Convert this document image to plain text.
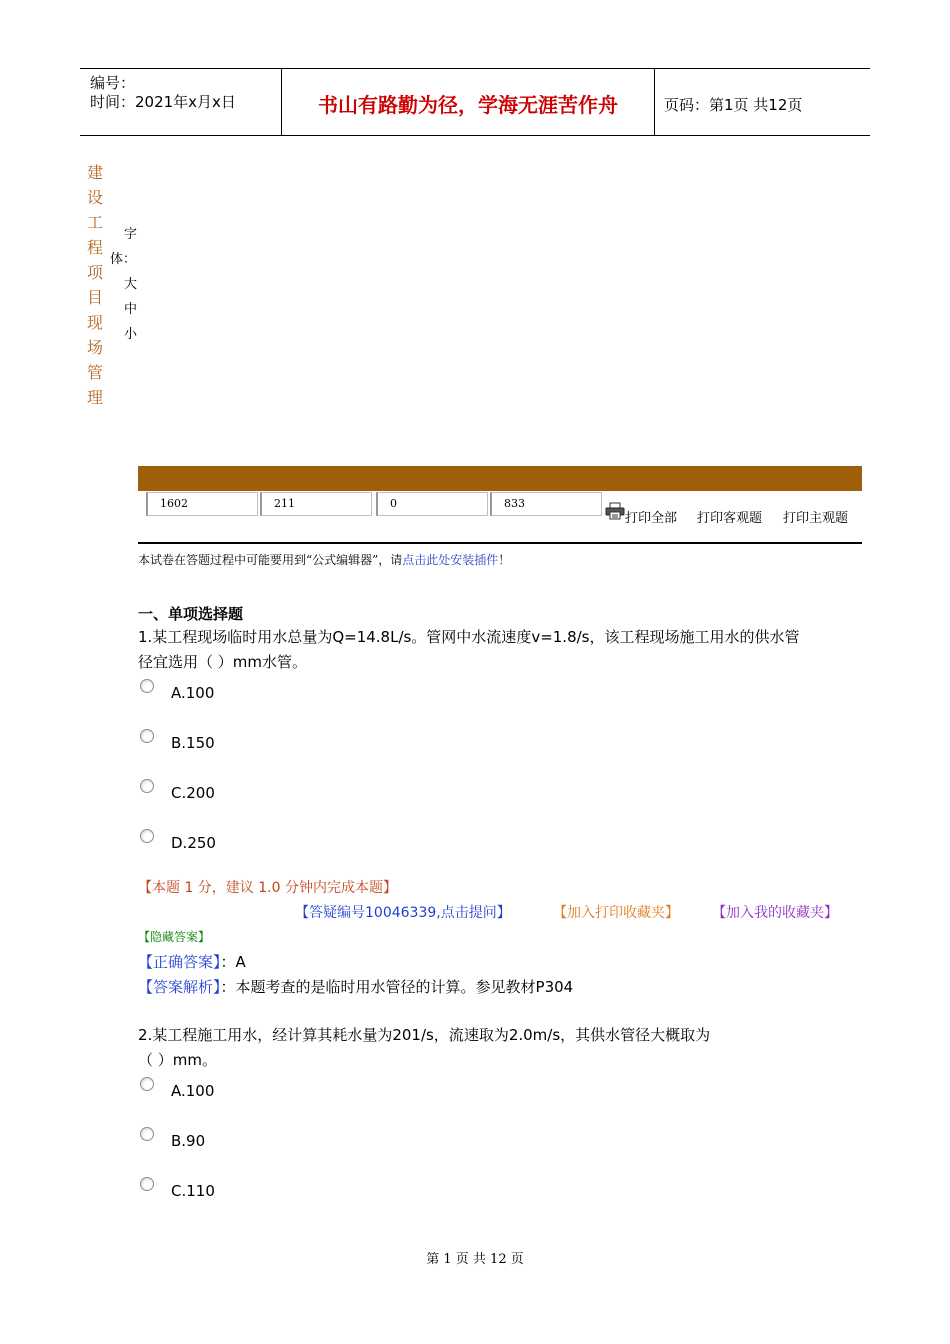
编号：
时间：2021年x月x日	书山有路勤为径，学海无涯苦作舟	页码：第1页 共12页
建
设
工
程
项
目
现
场
管
理
字
体：
大
中
小
1602	211	0	833
打印全部 打印客观题 打印主观题
本试卷在答题过程中可能要用到“公式编辑器”，请点击此处安装插件！
一、单项选择题
1.某工程现场临时用水总量为Q=14.8L/s。管网中水流速度v=1.8/s，该工程现场施工用水的供水管
径宜选用（ ）mm水管。
A.100
B.150
C.200
D.250
【本题 1 分，建议 1.0 分钟内完成本题】
【答疑编号10046339,点击提问】	【加入打印收藏夹】 【加入我的收藏夹】
【隐藏答案】
【正确答案】：A
【答案解析】：本题考查的是临时用水管径的计算。参见教材P304
2.某工程施工用水，经计算其耗水量为201/s，流速取为2.0m/s，其供水管径大概取为
（ ）mm。
A.100
B.90
C.110
第 1 页 共 12 页
